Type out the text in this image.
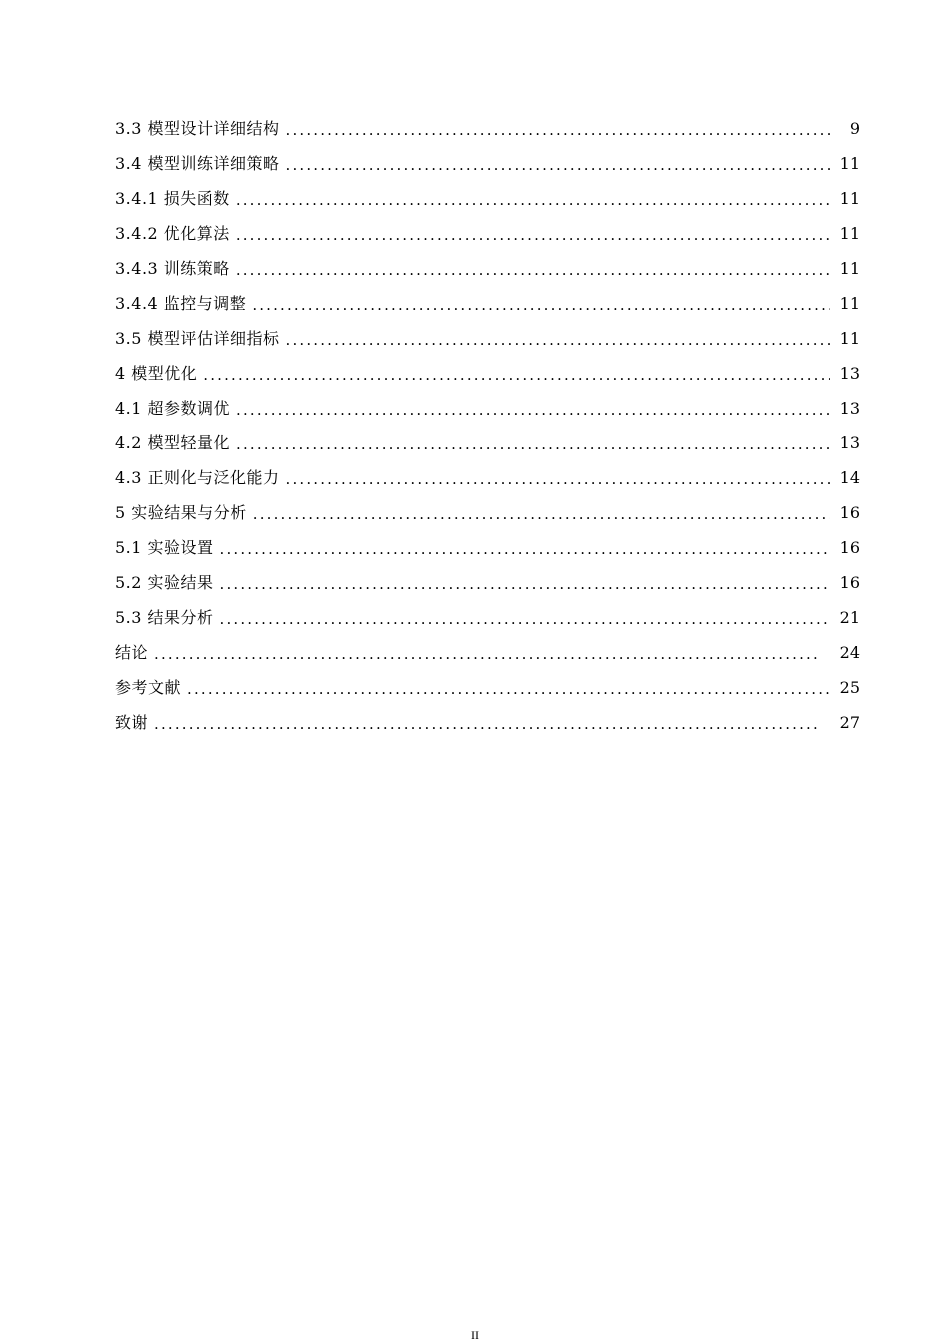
3.3 模型设计详细结构 . . .	9
3.4 模型训练详细策略 . . .	11
3.4.1 损失函数 . . .	11
3.4.2 优化算法 . . .	11
3.4.3 训练策略 . . .	11
3.4.4 监控与调整 . . .	11
3.5 模型评估详细指标 . . .	11
4 模型优化 . . .	13
4.1 超参数调优 . . .	13
4.2 模型轻量化 . . .	13
4.3 正则化与泛化能力 . . .	14
5 实验结果与分析 . . .	16
5.1 实验设置 . . .	16
5.2 实验结果 . . .	16
5.3 结果分析 . . .	21
结论 . . .	24
参考文献 . . .	25
致谢 . . .	27
II
